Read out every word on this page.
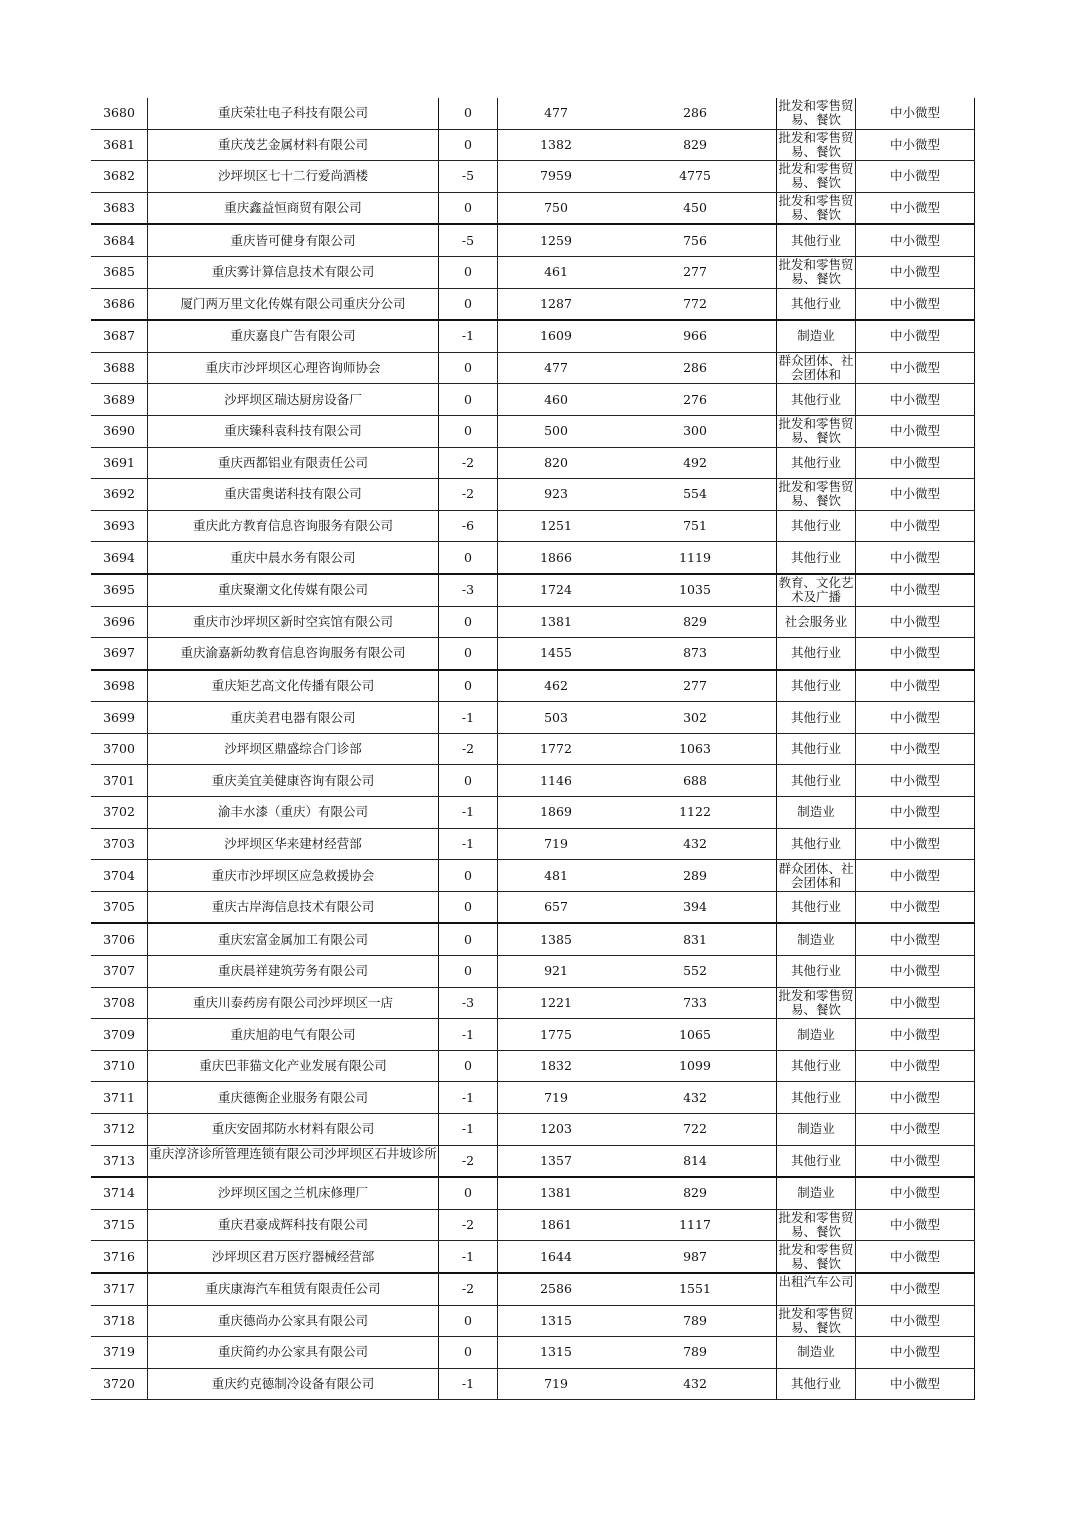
3680	重庆荣壮电子科技有限公司	0	477	286	批发和零售贸易、餐饮	中小微型

3681	重庆茂艺金属材料有限公司	0	1382	829	批发和零售贸易、餐饮	中小微型

3682	沙坪坝区七十二行爱尚酒楼	-5	7959	4775	批发和零售贸易、餐饮	中小微型

3683	重庆鑫益恒商贸有限公司	0	750	450	批发和零售贸易、餐饮	中小微型

3684	重庆皆可健身有限公司	-5	1259	756	其他行业	中小微型

3685	重庆雾计算信息技术有限公司	0	461	277	批发和零售贸易、餐饮	中小微型

3686	厦门两万里文化传媒有限公司重庆分公司	0	1287	772	其他行业	中小微型

3687	重庆嘉良广告有限公司	-1	1609	966	制造业	中小微型

3688	重庆市沙坪坝区心理咨询师协会	0	477	286	群众团体、社会团体和	中小微型

3689	沙坪坝区瑞达厨房设备厂	0	460	276	其他行业	中小微型

3690	重庆臻科袁科技有限公司	0	500	300	批发和零售贸易、餐饮	中小微型

3691	重庆西都铝业有限责任公司	-2	820	492	其他行业	中小微型

3692	重庆雷奥诺科技有限公司	-2	923	554	批发和零售贸易、餐饮	中小微型

3693	重庆此方教育信息咨询服务有限公司	-6	1251	751	其他行业	中小微型

3694	重庆中晨水务有限公司	0	1866	1119	其他行业	中小微型

3695	重庆聚潮文化传媒有限公司	-3	1724	1035	教育、文化艺术及广播	中小微型

3696	重庆市沙坪坝区新时空宾馆有限公司	0	1381	829	社会服务业	中小微型

3697	重庆渝嘉新幼教育信息咨询服务有限公司	0	1455	873	其他行业	中小微型

3698	重庆矩艺高文化传播有限公司	0	462	277	其他行业	中小微型

3699	重庆美君电器有限公司	-1	503	302	其他行业	中小微型

3700	沙坪坝区鼎盛综合门诊部	-2	1772	1063	其他行业	中小微型

3701	重庆美宜美健康咨询有限公司	0	1146	688	其他行业	中小微型

3702	渝丰水漆（重庆）有限公司	-1	1869	1122	制造业	中小微型

3703	沙坪坝区华来建材经营部	-1	719	432	其他行业	中小微型

3704	重庆市沙坪坝区应急救援协会	0	481	289	群众团体、社会团体和	中小微型

3705	重庆古岸海信息技术有限公司	0	657	394	其他行业	中小微型

3706	重庆宏富金属加工有限公司	0	1385	831	制造业	中小微型

3707	重庆晨祥建筑劳务有限公司	0	921	552	其他行业	中小微型

3708	重庆川泰药房有限公司沙坪坝区一店	-3	1221	733	批发和零售贸易、餐饮	中小微型

3709	重庆旭韵电气有限公司	-1	1775	1065	制造业	中小微型

3710	重庆巴菲猫文化产业发展有限公司	0	1832	1099	其他行业	中小微型

3711	重庆德衡企业服务有限公司	-1	719	432	其他行业	中小微型

3712	重庆安固邦防水材料有限公司	-1	1203	722	制造业	中小微型

3713	重庆淳济诊所管理连锁有限公司沙坪坝区石井坡诊所	-2	1357	814	其他行业	中小微型

3714	沙坪坝区国之兰机床修理厂	0	1381	829	制造业	中小微型

3715	重庆君豪成辉科技有限公司	-2	1861	1117	批发和零售贸易、餐饮	中小微型

3716	沙坪坝区君万医疗器械经营部	-1	1644	987	批发和零售贸易、餐饮	中小微型

3717	重庆康海汽车租赁有限责任公司	-2	2586	1551	出租汽车公司	中小微型

3718	重庆德尚办公家具有限公司	0	1315	789	批发和零售贸易、餐饮	中小微型

3719	重庆简约办公家具有限公司	0	1315	789	制造业	中小微型

3720	重庆约克德制冷设备有限公司	-1	719	432	其他行业	中小微型
